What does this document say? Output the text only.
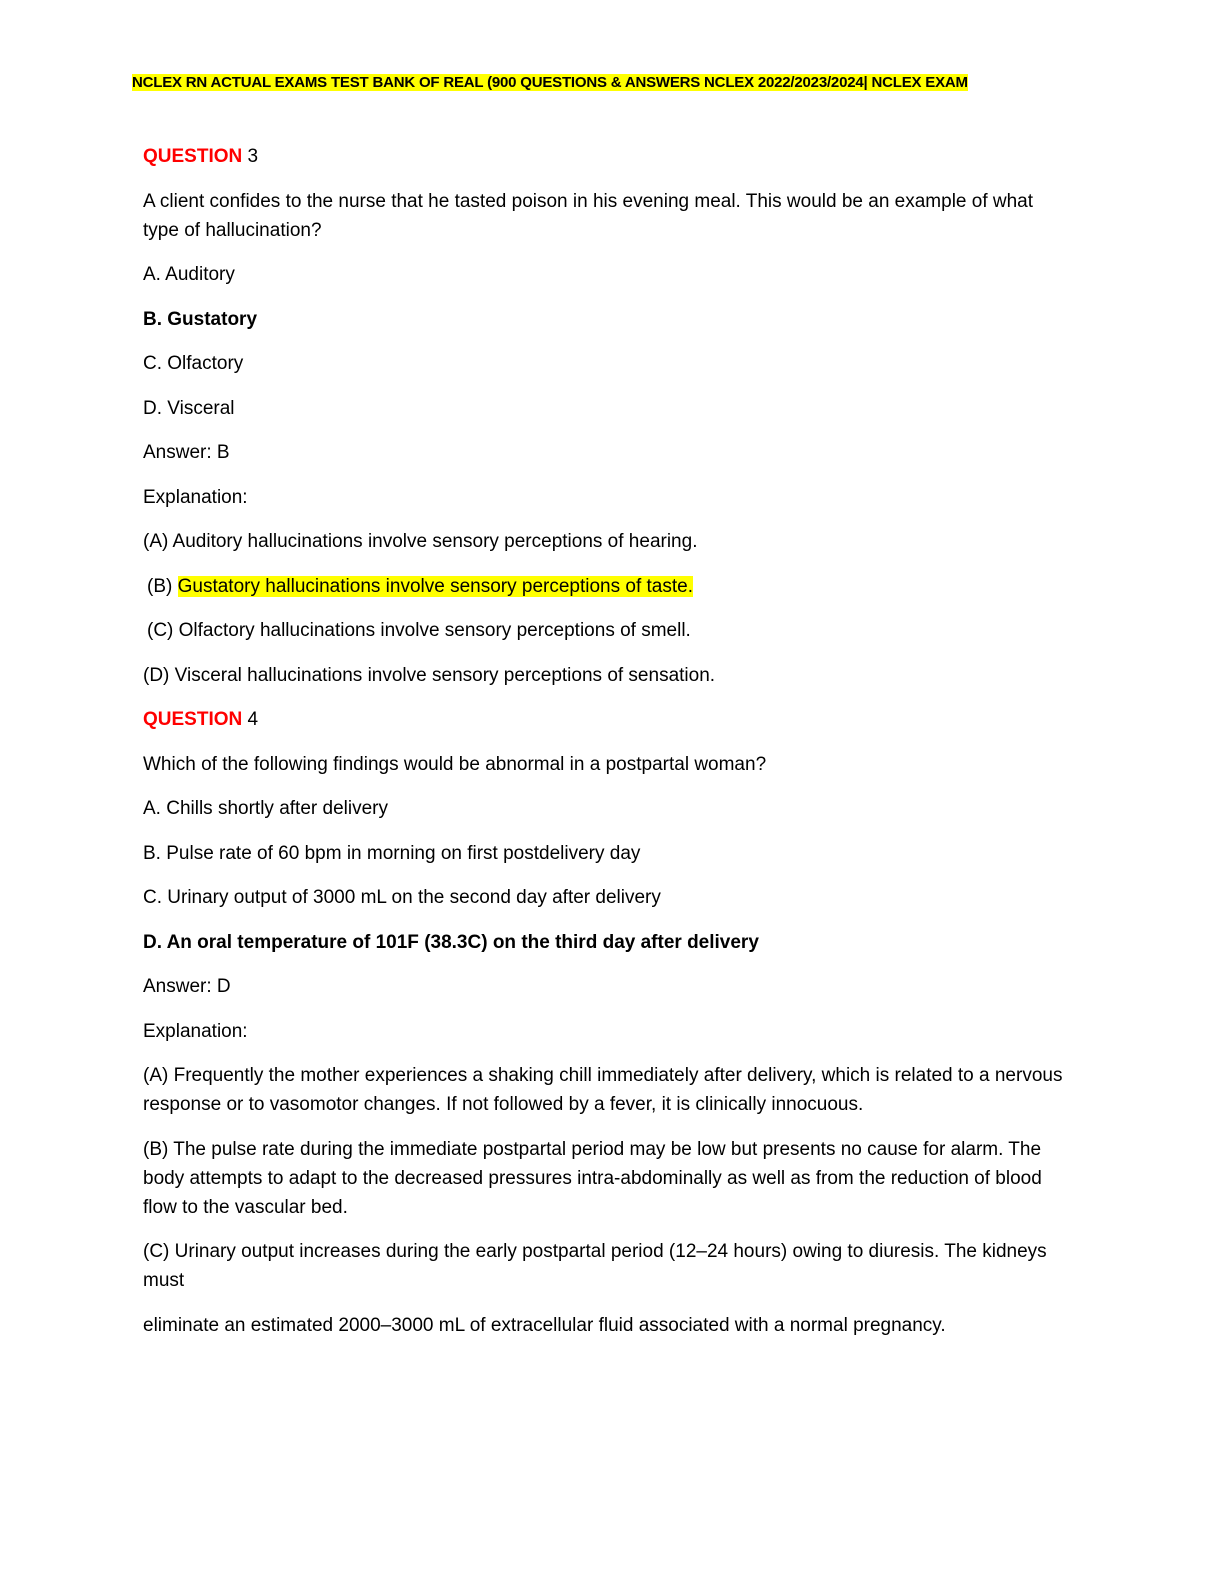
NCLEX RN ACTUAL EXAMS TEST BANK OF REAL (900 QUESTIONS & ANSWERS NCLEX 2022/2023/2024| NCLEX EXAM

QUESTION 3

A client confides to the nurse that he tasted poison in his evening meal. This would be an example of what type of hallucination?

A. Auditory

B. Gustatory

C. Olfactory

D. Visceral

Answer: B

Explanation:

(A) Auditory hallucinations involve sensory perceptions of hearing.

(B) Gustatory hallucinations involve sensory perceptions of taste.

(C) Olfactory hallucinations involve sensory perceptions of smell.

(D) Visceral hallucinations involve sensory perceptions of sensation.

QUESTION 4

Which of the following findings would be abnormal in a postpartal woman?

A. Chills shortly after delivery

B. Pulse rate of 60 bpm in morning on first postdelivery day

C. Urinary output of 3000 mL on the second day after delivery

D. An oral temperature of 101F (38.3C) on the third day after delivery

Answer: D

Explanation:

(A) Frequently the mother experiences a shaking chill immediately after delivery, which is related to a nervous response or to vasomotor changes. If not followed by a fever, it is clinically innocuous.

(B) The pulse rate during the immediate postpartal period may be low but presents no cause for alarm. The body attempts to adapt to the decreased pressures intra-abdominally as well as from the reduction of blood flow to the vascular bed.

(C) Urinary output increases during the early postpartal period (12–24 hours) owing to diuresis. The kidneys must

eliminate an estimated 2000–3000 mL of extracellular fluid associated with a normal pregnancy.
